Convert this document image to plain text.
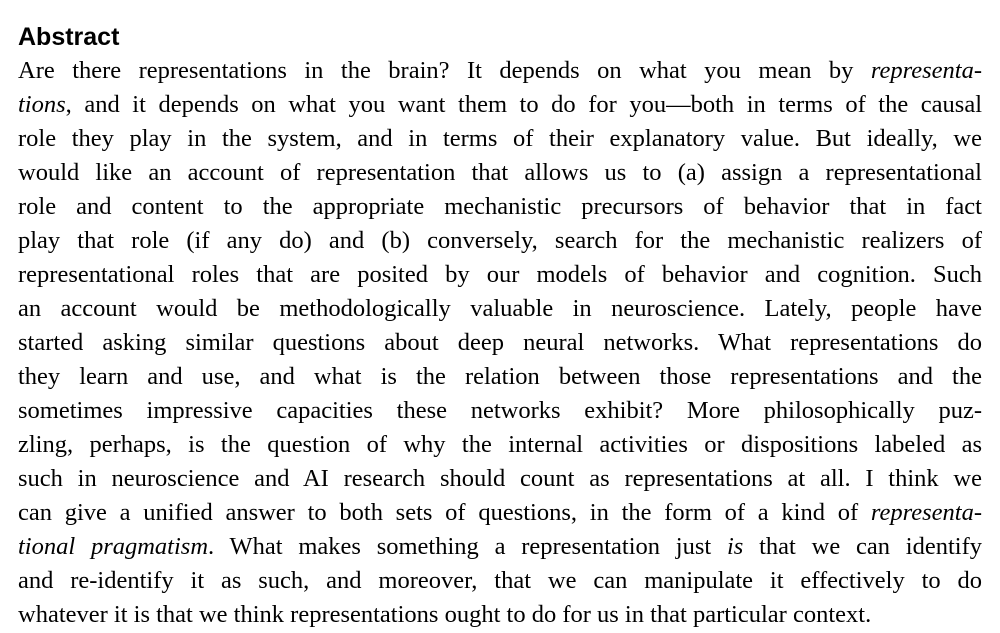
Abstract
Are there representations in the brain? It depends on what you mean by representa-
tions, and it depends on what you want them to do for you—both in terms of the causal
role they play in the system, and in terms of their explanatory value. But ideally, we
would like an account of representation that allows us to (a) assign a representational
role and content to the appropriate mechanistic precursors of behavior that in fact
play that role (if any do) and (b) conversely, search for the mechanistic realizers of
representational roles that are posited by our models of behavior and cognition. Such
an account would be methodologically valuable in neuroscience. Lately, people have
started asking similar questions about deep neural networks. What representations do
they learn and use, and what is the relation between those representations and the
sometimes impressive capacities these networks exhibit? More philosophically puz-
zling, perhaps, is the question of why the internal activities or dispositions labeled as
such in neuroscience and AI research should count as representations at all. I think we
can give a unified answer to both sets of questions, in the form of a kind of representa-
tional pragmatism. What makes something a representation just is that we can identify
and re-identify it as such, and moreover, that we can manipulate it effectively to do
whatever it is that we think representations ought to do for us in that particular context.
